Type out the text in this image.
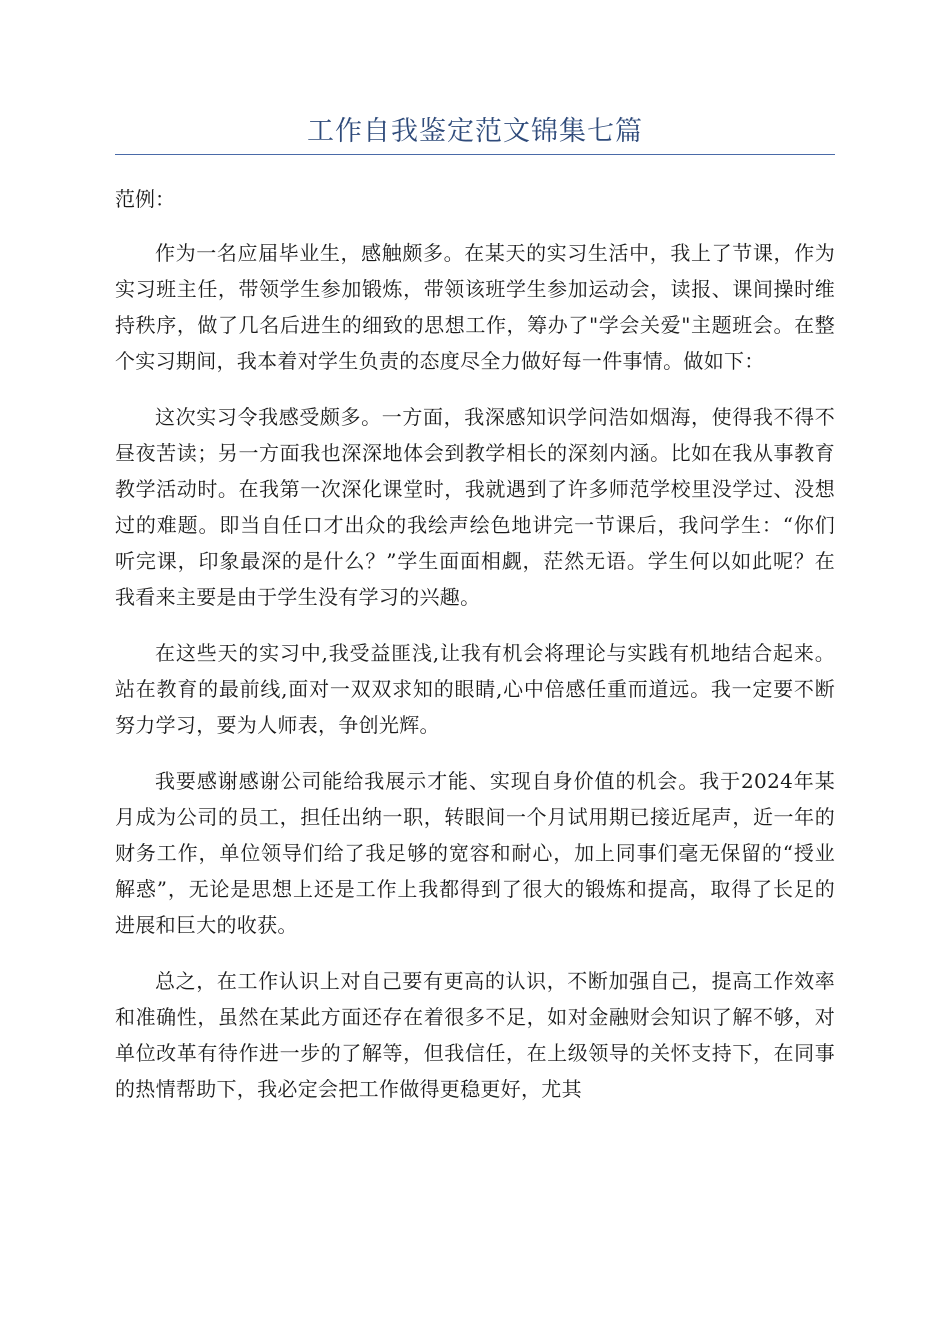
工作自我鉴定范文锦集七篇
范例：

作为一名应届毕业生，感触颇多。在某天的实习生活中，我上了节课，作为实习班主任，带领学生参加锻炼，带领该班学生参加运动会，读报、课间操时维持秩序，做了几名后进生的细致的思想工作，筹办了"学会关爱"主题班会。在整个实习期间，我本着对学生负责的态度尽全力做好每一件事情。做如下：

这次实习令我感受颇多。一方面，我深感知识学问浩如烟海，使得我不得不昼夜苦读；另一方面我也深深地体会到教学相长的深刻内涵。比如在我从事教育教学活动时。在我第一次深化课堂时，我就遇到了许多师范学校里没学过、没想过的难题。即当自任口才出众的我绘声绘色地讲完一节课后，我问学生：“你们听完课，印象最深的是什么？”学生面面相觑，茫然无语。学生何以如此呢？在我看来主要是由于学生没有学习的兴趣。

在这些天的实习中,我受益匪浅,让我有机会将理论与实践有机地结合起来。站在教育的最前线,面对一双双求知的眼睛,心中倍感任重而道远。我一定要不断努力学习，要为人师表，争创光辉。

我要感谢感谢公司能给我展示才能、实现自身价值的机会。我于2024年某月成为公司的员工，担任出纳一职，转眼间一个月试用期已接近尾声，近一年的财务工作，单位领导们给了我足够的宽容和耐心，加上同事们毫无保留的“授业解惑”，无论是思想上还是工作上我都得到了很大的锻炼和提高，取得了长足的进展和巨大的收获。

总之，在工作认识上对自己要有更高的认识，不断加强自己，提高工作效率和准确性，虽然在某此方面还存在着很多不足，如对金融财会知识了解不够，对单位改革有待作进一步的了解等，但我信任，在上级领导的关怀支持下，在同事的热情帮助下，我必定会把工作做得更稳更好，尤其
